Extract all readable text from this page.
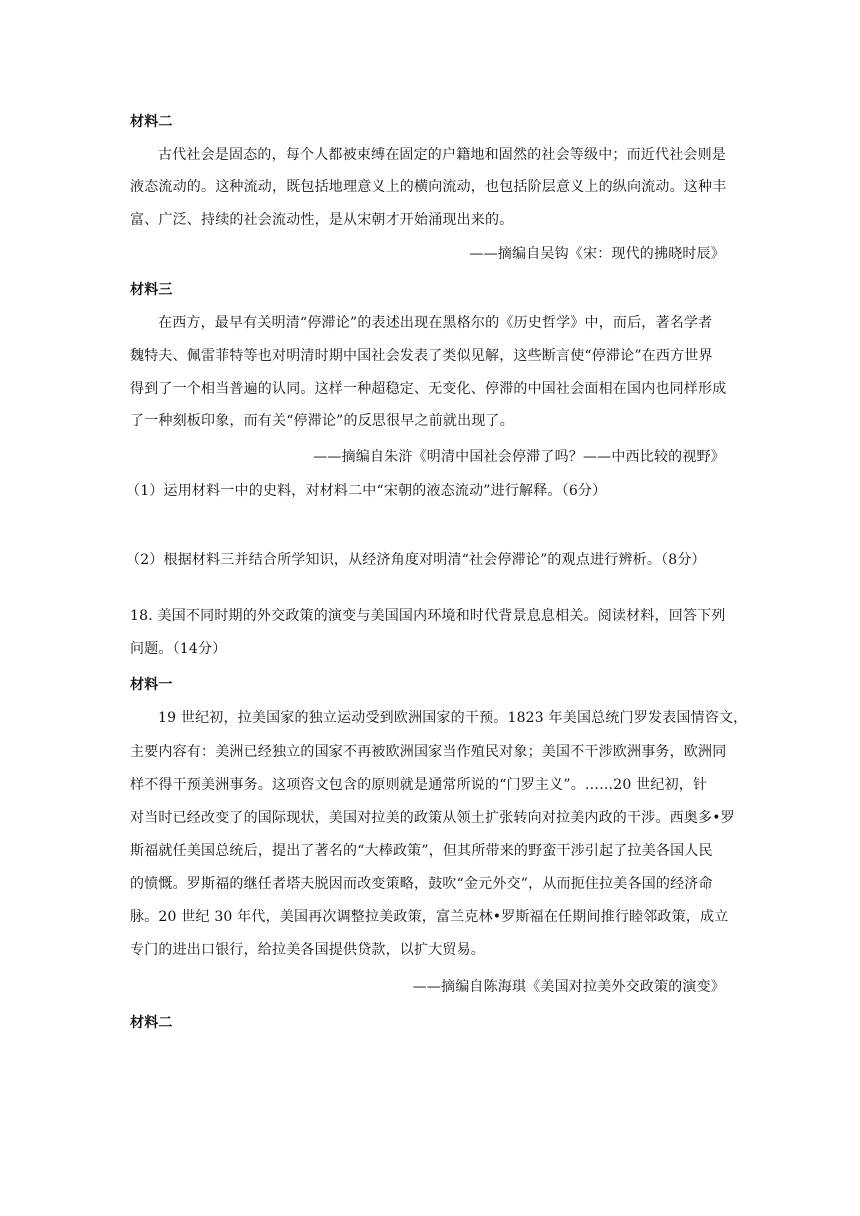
材料二
古代社会是固态的，每个人都被束缚在固定的户籍地和固然的社会等级中；而近代社会则是
液态流动的。这种流动，既包括地理意义上的横向流动，也包括阶层意义上的纵向流动。这种丰
富、广泛、持续的社会流动性，是从宋朝才开始涌现出来的。
——摘编自吴钩《宋：现代的拂晓时辰》
材料三
在西方，最早有关明清“停滞论”的表述出现在黑格尔的《历史哲学》中，而后，著名学者
魏特夫、佩雷菲特等也对明清时期中国社会发表了类似见解，这些断言使“停滞论”在西方世界
得到了一个相当普遍的认同。这样一种超稳定、无变化、停滞的中国社会面相在国内也同样形成
了一种刻板印象，而有关“停滞论”的反思很早之前就出现了。
——摘编自朱浒《明清中国社会停滞了吗？——中西比较的视野》
（1）运用材料一中的史料，对材料二中“宋朝的液态流动”进行解释。（6分）
（2）根据材料三并结合所学知识，从经济角度对明清“社会停滞论”的观点进行辨析。（8分）
18. 美国不同时期的外交政策的演变与美国国内环境和时代背景息息相关。阅读材料，回答下列
问题。（14分）
材料一
19 世纪初，拉美国家的独立运动受到欧洲国家的干预。1823 年美国总统门罗发表国情咨文，
主要内容有：美洲已经独立的国家不再被欧洲国家当作殖民对象；美国不干涉欧洲事务，欧洲同
样不得干预美洲事务。这项咨文包含的原则就是通常所说的“门罗主义”。……20 世纪初，针
对当时已经改变了的国际现状，美国对拉美的政策从领土扩张转向对拉美内政的干涉。西奥多•罗
斯福就任美国总统后，提出了著名的“大棒政策”，但其所带来的野蛮干涉引起了拉美各国人民
的愤慨。罗斯福的继任者塔夫脱因而改变策略，鼓吹“金元外交”，从而扼住拉美各国的经济命
脉。20 世纪 30 年代，美国再次调整拉美政策，富兰克林•罗斯福在任期间推行睦邻政策，成立
专门的进出口银行，给拉美各国提供贷款，以扩大贸易。
——摘编自陈海琪《美国对拉美外交政策的演变》
材料二
